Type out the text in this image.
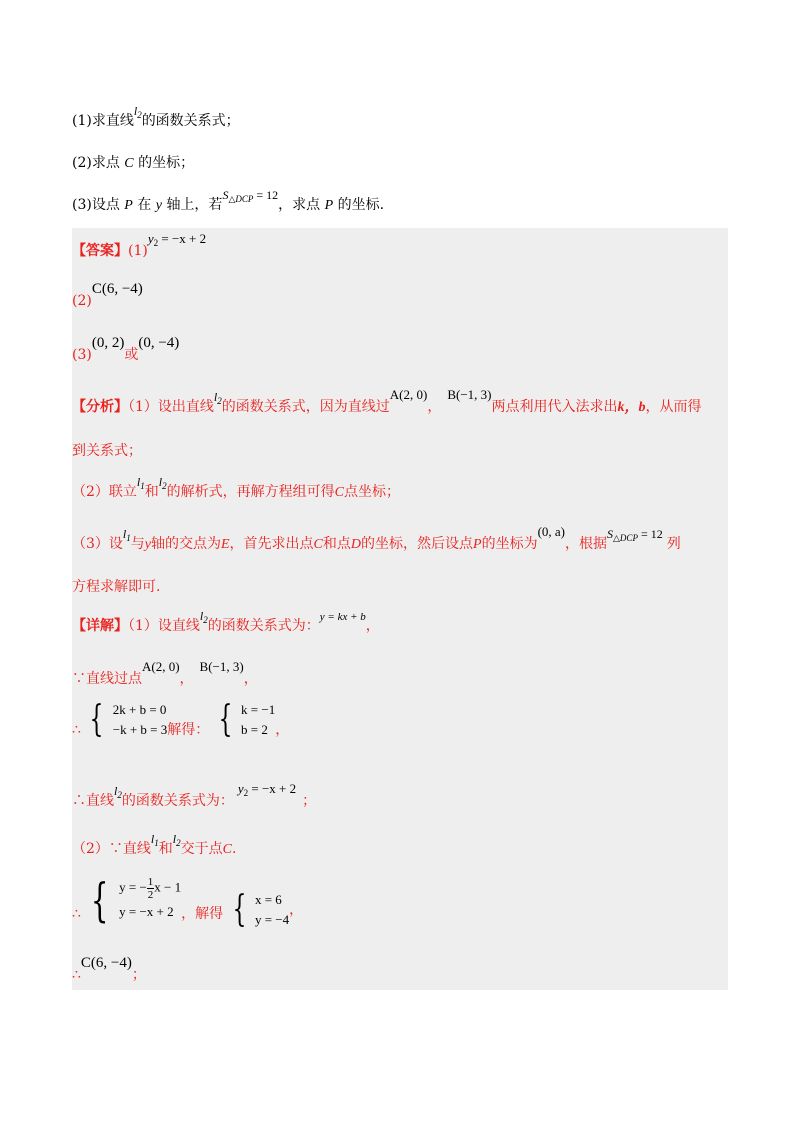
(1)求直线$l_2$的函数关系式；
(2)求点 C 的坐标；
(3)设点 P 在 y 轴上，若$S_{\triangle DCP} = 12$，求点 P 的坐标.
【答案】$(1)y_2 = -x + 2$
(2)C(6, −4)
(3)(0, 2)或(0, −4)
【分析】（1）设出直线$l_2$的函数关系式，因为直线过A(2, 0)，B(−1, 3)两点利用代入法求出k，b，从而得
到关系式；
（2）联立$l_1$和$l_2$的解析式，再解方程组可得C点坐标；
（3）设$l_1$与y轴的交点为E，首先求出点C和点D的坐标，然后设点P的坐标为(0, a)，根据$S_{\triangle DCP} = 12$列
方程求解即可.
【详解】（1）设直线$l_2$的函数关系式为：$^{y = kx + b}$，
∵直线过点A(2, 0)，B(−1, 3)，
∴ { 2k + b = 0
−k + b = 3 解得： { k = −1
b = 2 ，
∴直线$l_2$的函数关系式为：$y_2 = -x + 2$；
（2）∵直线$l_1$和$l_2$交于点C.
∴ { y = − $\frac{1}{2}$ x − 1
y = −x + 2 ，解得 { x = 6
y = −4
，
∴C(6, −4)；
